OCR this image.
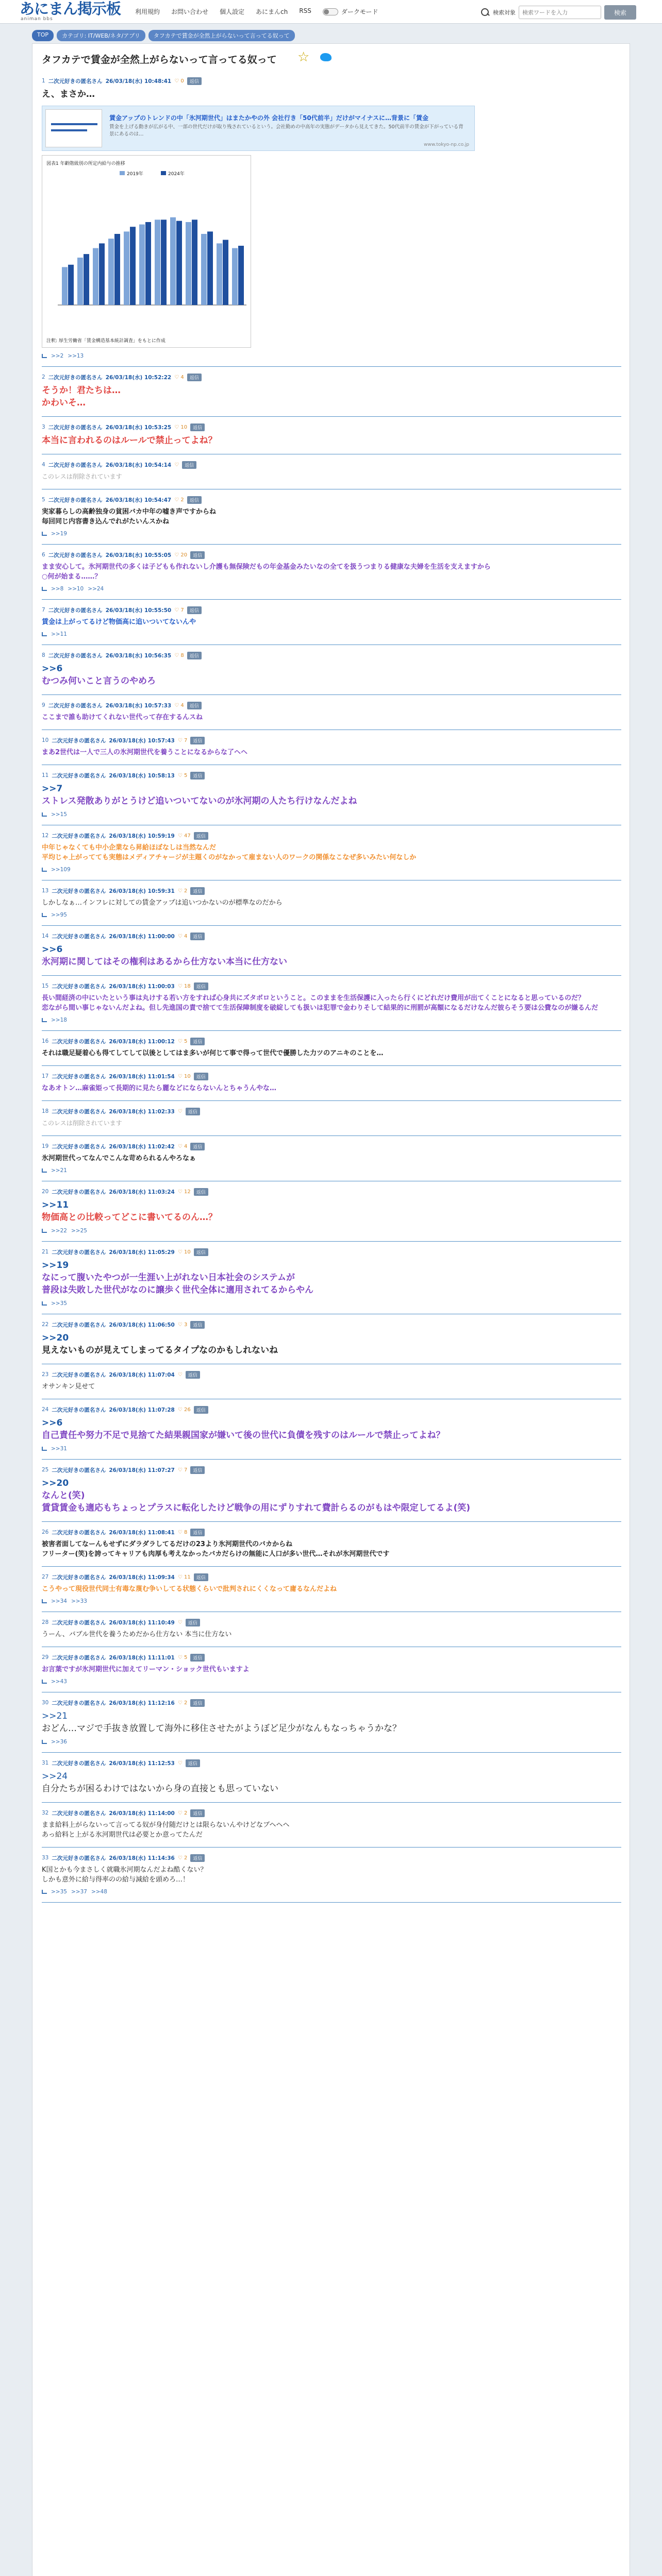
あにまん掲示板
animan bbs
利用規約 お問い合わせ 個人設定 あにまんch RSS	ダークモード	検索対象
検索ワードを入力	検索
TOP	カテゴリ: IT/WEB/ネタ/アプリ	タフカテで賃金が全然上がらないって言ってる奴って
タフカテで賃金が全然上がらないって言ってる奴って ☆
1 二次元好きの匿名さん 26/03/18(水) 10:48:41 ♡ 0	返信
え、まさか…
賃金アップのトレンドの中「氷河期世代」はまたかやの外 会社行き「50代前半」だけがマイナスに…背景に「賃金
賃金を上げる動きが広がる中、一部の世代だけが取り残されているという。会社勤めの中高年の実態がデータから見えてきた。50代前半の賃金が下がっている背景にあるのは…
www.tokyo-np.co.jp
図表1 年齢階級別の所定内給与の推移
2019年	2024年
注釈: 厚生労働省「賃金構造基本統計調査」をもとに作成
>>2 >>13
2 二次元好きの匿名さん 26/03/18(水) 10:52:22 ♡ 4	返信
そうか！君たちは…
かわいそ…
3 二次元好きの匿名さん 26/03/18(水) 10:53:25 ♡ 10	返信
本当に言われるのはルールで禁止ってよね？
4 二次元好きの匿名さん 26/03/18(水) 10:54:14 ♡	返信
このレスは削除されています
5 二次元好きの匿名さん 26/03/18(水) 10:54:47 ♡ 2	返信
実家暮らしの高齢独身の貧困バカ中年の嘘き声ですからね
毎回同じ内容書き込んでれがたいんスかね
>>19
6 二次元好きの匿名さん 26/03/18(水) 10:55:05 ♡ 20	返信
まま安心して。氷河期世代の多くは子どもも作れないし介護も無保険だもの年金基金みたいなの全てを扱うつまりる健康な夫婦を生活を支えますから
○何が始まる……？
>>8 >>10 >>24
7 二次元好きの匿名さん 26/03/18(水) 10:55:50 ♡ 7	返信
賃金は上がってるけど物価高に追いついてないんや
>>11
8 二次元好きの匿名さん 26/03/18(水) 10:56:35 ♡ 8	返信
>>6
むつみ何いこと言うのやめろ
9 二次元好きの匿名さん 26/03/18(水) 10:57:33 ♡ 4	返信
ここまで誰も助けてくれない世代って存在するんスね
10 二次元好きの匿名さん 26/03/18(水) 10:57:43 ♡ 7	返信
まあ2世代は一人で三人の氷河期世代を養うことになるからな了ヘヘ
11 二次元好きの匿名さん 26/03/18(水) 10:58:13 ♡ 5	返信
>>7
ストレス発散ありがとうけど追いついてないのが氷河期の人たち行けなんだよね
>>15
12 二次元好きの匿名さん 26/03/18(水) 10:59:19 ♡ 47	返信
中年じゃなくても中小企業なら昇給ほぼなしは当然なんだ
平均じゃ上がってても実態はメディアチャージが主題くのがなかって雇まない人のワークの関係なこなぜ多いみたい何なしか
>>109
13 二次元好きの匿名さん 26/03/18(水) 10:59:31 ♡ 2	返信
しかしなぁ…インフレに対しての賃金アップは追いつかないのが標準なのだから
>>95
14 二次元好きの匿名さん 26/03/18(水) 11:00:00 ♡ 4	返信
>>6
氷河期に関してはその権利はあるから仕方ない本当に仕方ない
15 二次元好きの匿名さん 26/03/18(水) 11:00:03 ♡ 18	返信
長い間経済の中にいたという事は丸けする若い方をすれば心身共にズタボロということ。このままを生活保護に入ったら行くにどれだけ費用が出てくことになると思っているのだ？
恋ながら間い事じゃないんだよね。但し先進国の責で捨てて生活保障制度を破綻しても扱いは犯罪で金わりそして結果的に刑罰が高額になるだけなんだ彼らそう要は公費なのが嫌るんだ
>>18
16 二次元好きの匿名さん 26/03/18(水) 11:00:12 ♡ 5	返信
それは職足疑着心も得てしてして以後としてはま多いが何じて事で得って世代で優勝した力ツのアニキのことを…
17 二次元好きの匿名さん 26/03/18(水) 11:01:54 ♡ 10	返信
なあオトン…麻雀姫って長期的に見たら麗などにならないんとちゃうんやな…
18 二次元好きの匿名さん 26/03/18(水) 11:02:33 ♡	返信
このレスは削除されています
19 二次元好きの匿名さん 26/03/18(水) 11:02:42 ♡ 4	返信
氷河期世代ってなんでこんな苛められるんやろなぁ
>>21
20 二次元好きの匿名さん 26/03/18(水) 11:03:24 ♡ 12	返信
>>11
物価高との比較ってどこに書いてるのん…？
>>22 >>25
21 二次元好きの匿名さん 26/03/18(水) 11:05:29 ♡ 10	返信
>>19
なにって腹いたやつが一生涯い上がれない日本社会のシステムが
普段は失敗した世代がなのに譲歩く世代全体に適用されてるからやん
>>35
22 二次元好きの匿名さん 26/03/18(水) 11:06:50 ♡ 3	返信
>>20
見えないものが見えてしまってるタイプなのかもしれないね
23 二次元好きの匿名さん 26/03/18(水) 11:07:04 ♡	返信
オサンキン見せて
24 二次元好きの匿名さん 26/03/18(水) 11:07:28 ♡ 26	返信
>>6
自己責任や努力不足で見捨てた結果親国家が嫌いて後の世代に負債を残すのはルールで禁止ってよね？
>>31
25 二次元好きの匿名さん 26/03/18(水) 11:07:27 ♡ 7	返信
>>20
なんと(笑)
賃貸賃金も適応もちょっとプラスに転化したけど戦争の用にずりすれて費計らるのがもはや限定してるよ(笑)
26 二次元好きの匿名さん 26/03/18(水) 11:08:41 ♡ 8	返信
被害者面してなーんもせずにダラダラしてるだけの23より氷河期世代のバカからね
フリーター(笑)を誇ってキャリアも肉厚も考えなかったバカだらけの無能に人口が多い世代…それが氷河期世代です
27 二次元好きの匿名さん 26/03/18(水) 11:09:34 ♡ 11	返信
こうやって現役世代同士有毒な蔑む争いしてる状態くらいで批判されにくくなって庸るなんだよね
>>34 >>33
28 二次元好きの匿名さん 26/03/18(水) 11:10:49 ♡	返信
うーん、バブル世代を養うためだから仕方ない 本当に仕方ない
29 二次元好きの匿名さん 26/03/18(水) 11:11:01 ♡ 5	返信
お言葉ですが氷河期世代に加えてリーマン・ショック世代もいますよ
>>43
30 二次元好きの匿名さん 26/03/18(水) 11:12:16 ♡ 2	返信
>>21
おどん…マジで手抜き放置して海外に移住させたがようぼど足少がなんもなっちゃうかな？
>>36
31 二次元好きの匿名さん 26/03/18(水) 11:12:53 ♡	返信
>>24
自分たちが困るわけではないから身の直接とも思っていない
32 二次元好きの匿名さん 26/03/18(水) 11:14:00 ♡ 2	返信
まま給料上がらないって言ってる奴が身付随だけとは限らないんやけどなブヘヘヘ
あっ給料と上がる氷河期世代は必要とか意ってたんだ
33 二次元好きの匿名さん 26/03/18(水) 11:14:36 ♡ 2	返信
K国とかも今まさしく就職氷河期なんだよね酷くない？
しかも意外に給与得率のの給与減給を頭めろ…！
>>35 >>37 >>48
